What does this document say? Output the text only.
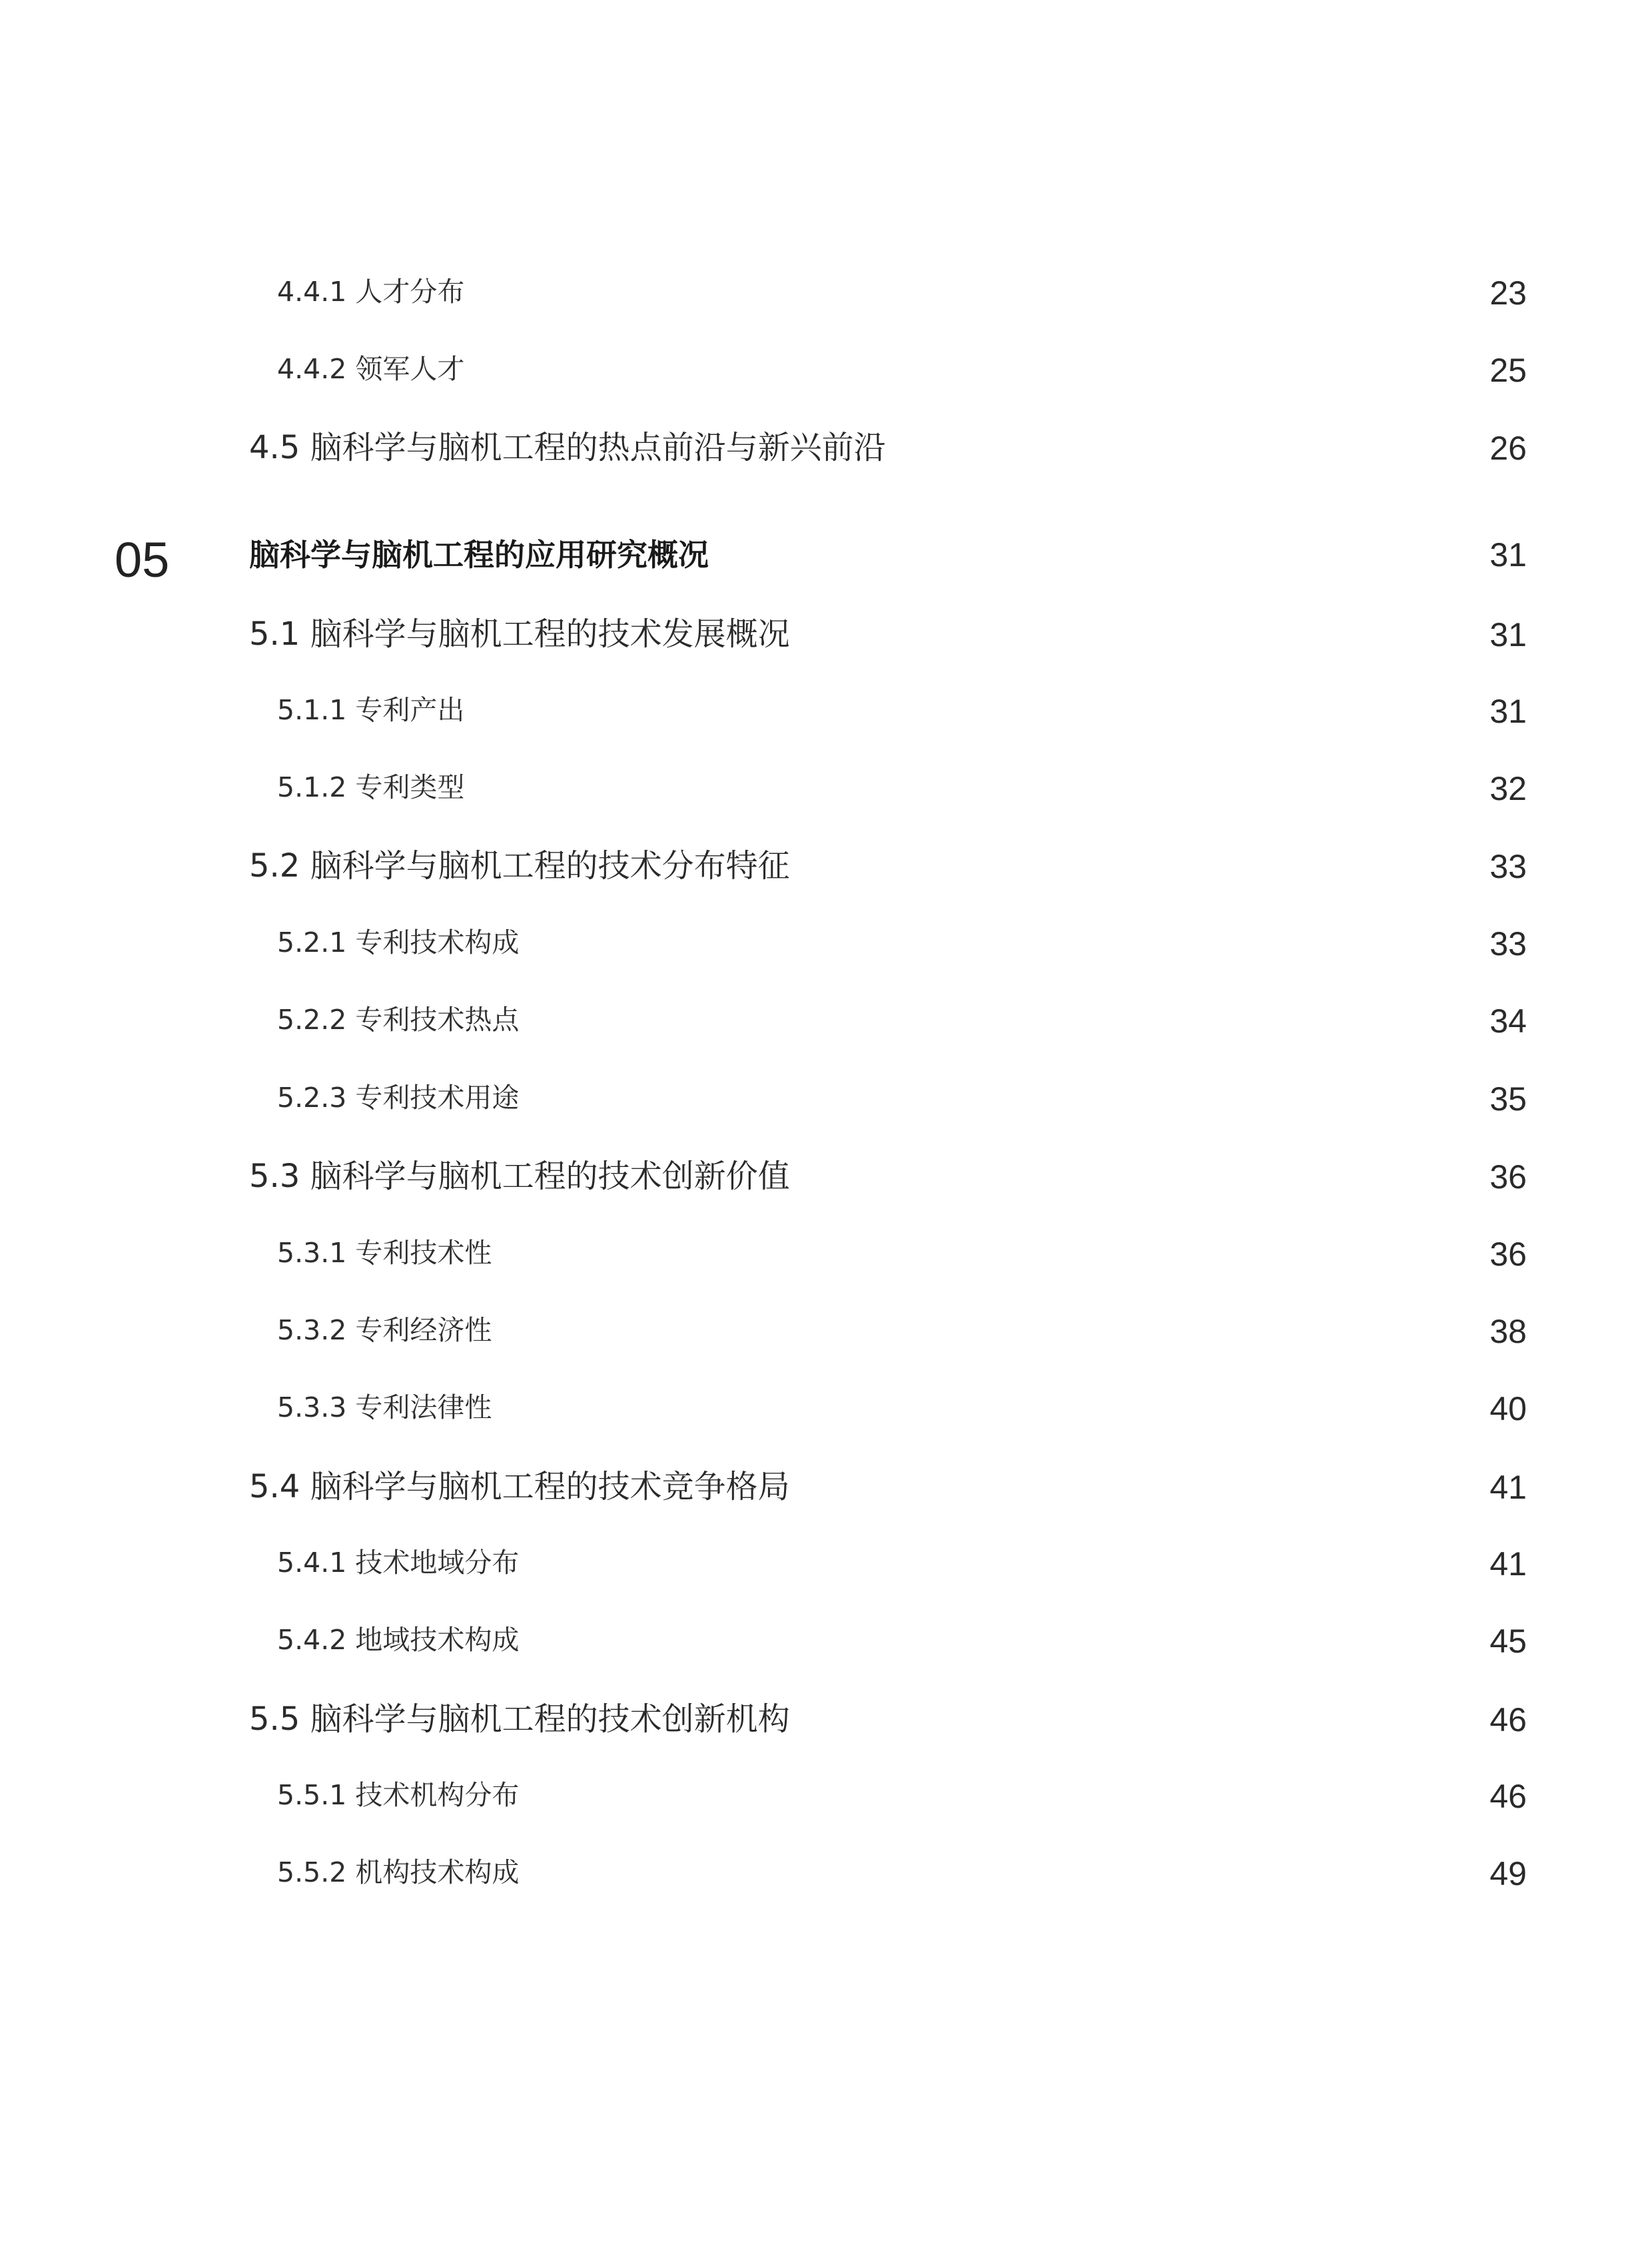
4.4.1 人才分布	23
4.4.2 领军人才	25
4.5 脑科学与脑机工程的热点前沿与新兴前沿	26
05	脑科学与脑机工程的应用研究概况	31
5.1 脑科学与脑机工程的技术发展概况	31
5.1.1 专利产出	31
5.1.2 专利类型	32
5.2 脑科学与脑机工程的技术分布特征	33
5.2.1 专利技术构成	33
5.2.2 专利技术热点	34
5.2.3 专利技术用途	35
5.3 脑科学与脑机工程的技术创新价值	36
5.3.1 专利技术性	36
5.3.2 专利经济性	38
5.3.3 专利法律性	40
5.4 脑科学与脑机工程的技术竞争格局	41
5.4.1 技术地域分布	41
5.4.2 地域技术构成	45
5.5 脑科学与脑机工程的技术创新机构	46
5.5.1 技术机构分布	46
5.5.2 机构技术构成	49
